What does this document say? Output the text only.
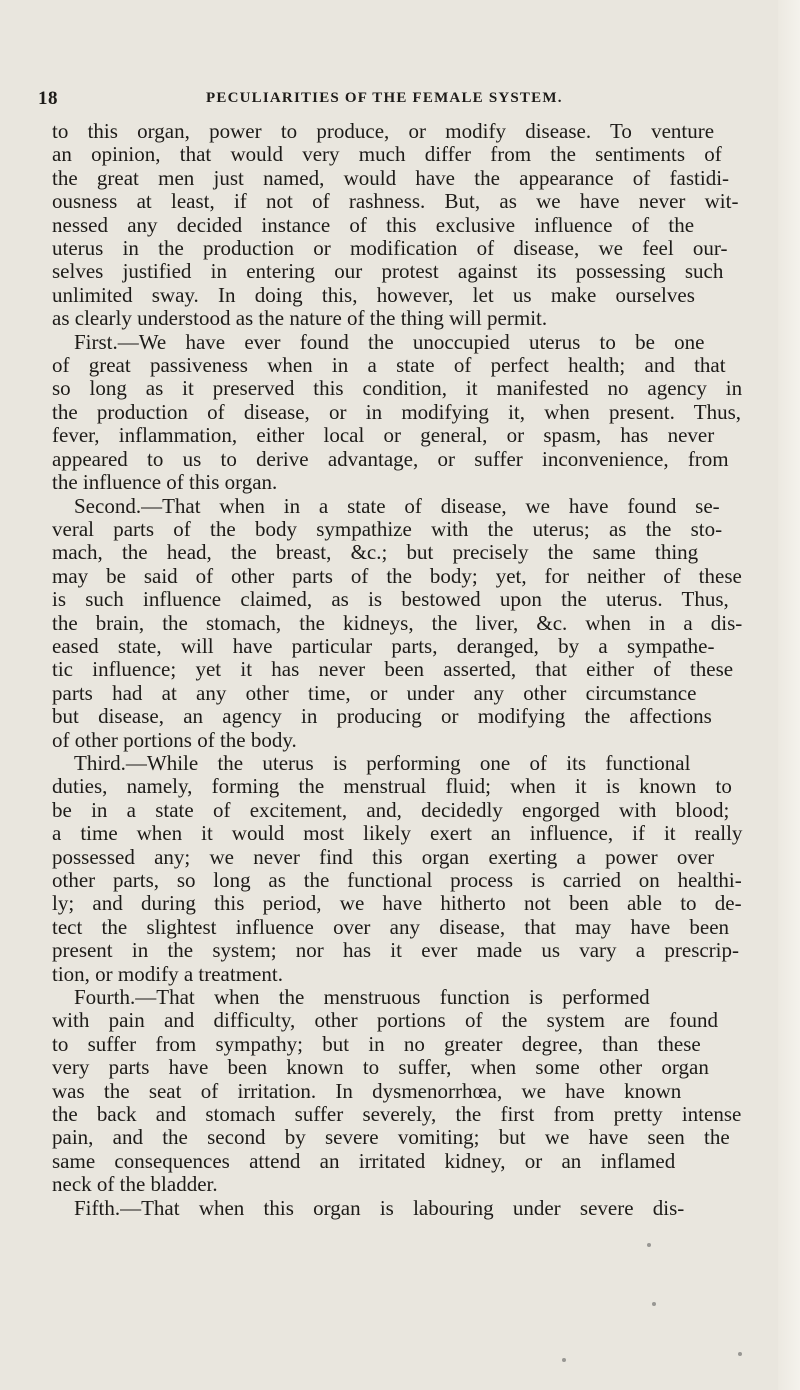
18	PECULIARITIES OF THE FEMALE SYSTEM.
to this organ, power to produce, or modify disease. To venture
an opinion, that would very much differ from the sentiments of
the great men just named, would have the appearance of fastidi-
ousness at least, if not of rashness. But, as we have never wit-
nessed any decided instance of this exclusive influence of the
uterus in the production or modification of disease, we feel our-
selves justified in entering our protest against its possessing such
unlimited sway. In doing this, however, let us make ourselves
as clearly understood as the nature of the thing will permit.
First.—We have ever found the unoccupied uterus to be one
of great passiveness when in a state of perfect health; and that
so long as it preserved this condition, it manifested no agency in
the production of disease, or in modifying it, when present. Thus,
fever, inflammation, either local or general, or spasm, has never
appeared to us to derive advantage, or suffer inconvenience, from
the influence of this organ.
Second.—That when in a state of disease, we have found se-
veral parts of the body sympathize with the uterus; as the sto-
mach, the head, the breast, &c.; but precisely the same thing
may be said of other parts of the body; yet, for neither of these
is such influence claimed, as is bestowed upon the uterus. Thus,
the brain, the stomach, the kidneys, the liver, &c. when in a dis-
eased state, will have particular parts, deranged, by a sympathe-
tic influence; yet it has never been asserted, that either of these
parts had at any other time, or under any other circumstance
but disease, an agency in producing or modifying the affections
of other portions of the body.
Third.—While the uterus is performing one of its functional
duties, namely, forming the menstrual fluid; when it is known to
be in a state of excitement, and, decidedly engorged with blood;
a time when it would most likely exert an influence, if it really
possessed any; we never find this organ exerting a power over
other parts, so long as the functional process is carried on healthi-
ly; and during this period, we have hitherto not been able to de-
tect the slightest influence over any disease, that may have been
present in the system; nor has it ever made us vary a prescrip-
tion, or modify a treatment.
Fourth.—That when the menstruous function is performed
with pain and difficulty, other portions of the system are found
to suffer from sympathy; but in no greater degree, than these
very parts have been known to suffer, when some other organ
was the seat of irritation. In dysmenorrhœa, we have known
the back and stomach suffer severely, the first from pretty intense
pain, and the second by severe vomiting; but we have seen the
same consequences attend an irritated kidney, or an inflamed
neck of the bladder.
Fifth.—That when this organ is labouring under severe dis-
